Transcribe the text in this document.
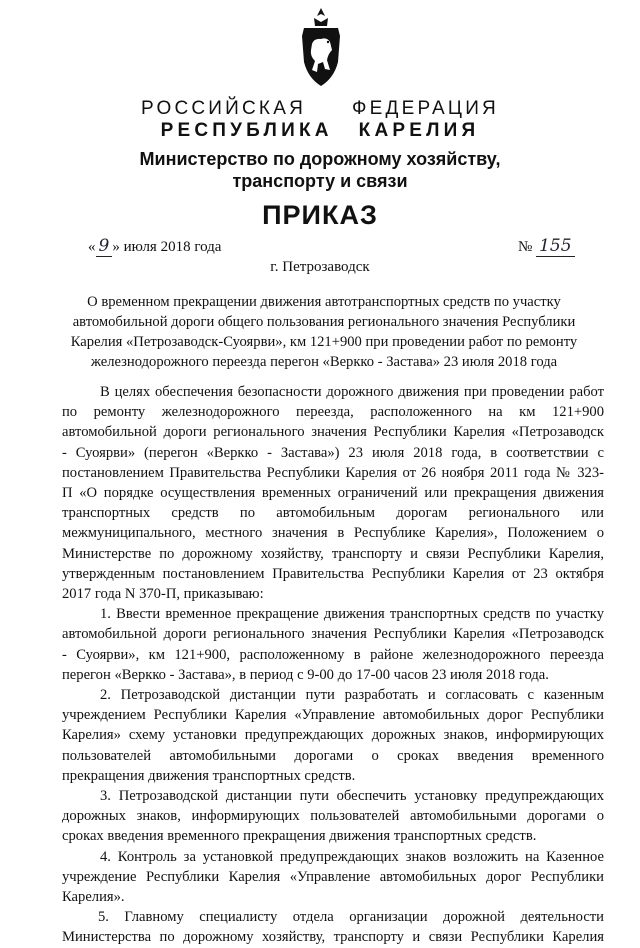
РОССИЙСКАЯ ФЕДЕРАЦИЯ
РЕСПУБЛИКА КАРЕЛИЯ
Министерство по дорожному хозяйству,
транспорту и связи
ПРИКАЗ
« 9 » июля 2018 года	№ 155
г. Петрозаводск
О временном прекращении движения автотранспортных средств по участку
автомобильной дороги общего пользования регионального значения Республики
Карелия «Петрозаводск-Суоярви», км 121+900 при проведении работ по ремонту
железнодорожного переезда перегон «Веркко - Застава» 23 июля 2018 года
В целях обеспечения безопасности дорожного движения при проведении работ
по ремонту железнодорожного переезда, расположенного на км 121+900
автомобильной дороги регионального значения Республики Карелия «Петрозаводск
- Суоярви» (перегон «Веркко - Застава») 23 июля 2018 года, в соответствии с
постановлением Правительства Республики Карелия от 26 ноября 2011 года № 323-
П «О порядке осуществления временных ограничений или прекращения движения
транспортных средств по автомобильным дорогам регионального или
межмуниципального, местного значения в Республике Карелия», Положением о
Министерстве по дорожному хозяйству, транспорту и связи Республики Карелия,
утвержденным постановлением Правительства Республики Карелия от 23 октября
2017 года N 370-П, приказываю:
1. Ввести временное прекращение движения транспортных средств по участку
автомобильной дороги регионального значения Республики Карелия «Петрозаводск
- Суоярви», км 121+900, расположенному в районе железнодорожного переезда
перегон «Веркко - Застава», в период с 9-00 до 17-00 часов 23 июля 2018 года.
2. Петрозаводской дистанции пути разработать и согласовать с казенным
учреждением Республики Карелия «Управление автомобильных дорог Республики
Карелия» схему установки предупреждающих дорожных знаков, информирующих
пользователей автомобильными дорогами о сроках введения временного
прекращения движения транспортных средств.
3. Петрозаводской дистанции пути обеспечить установку предупреждающих
дорожных знаков, информирующих пользователей автомобильными дорогами о
сроках введения временного прекращения движения транспортных средств.
4. Контроль за установкой предупреждающих знаков возложить на Казенное
учреждение Республики Карелия «Управление автомобильных дорог Республики
Карелия».
5. Главному специалисту отдела организации дорожной деятельности
Министерства по дорожному хозяйству, транспорту и связи Республики Карелия
